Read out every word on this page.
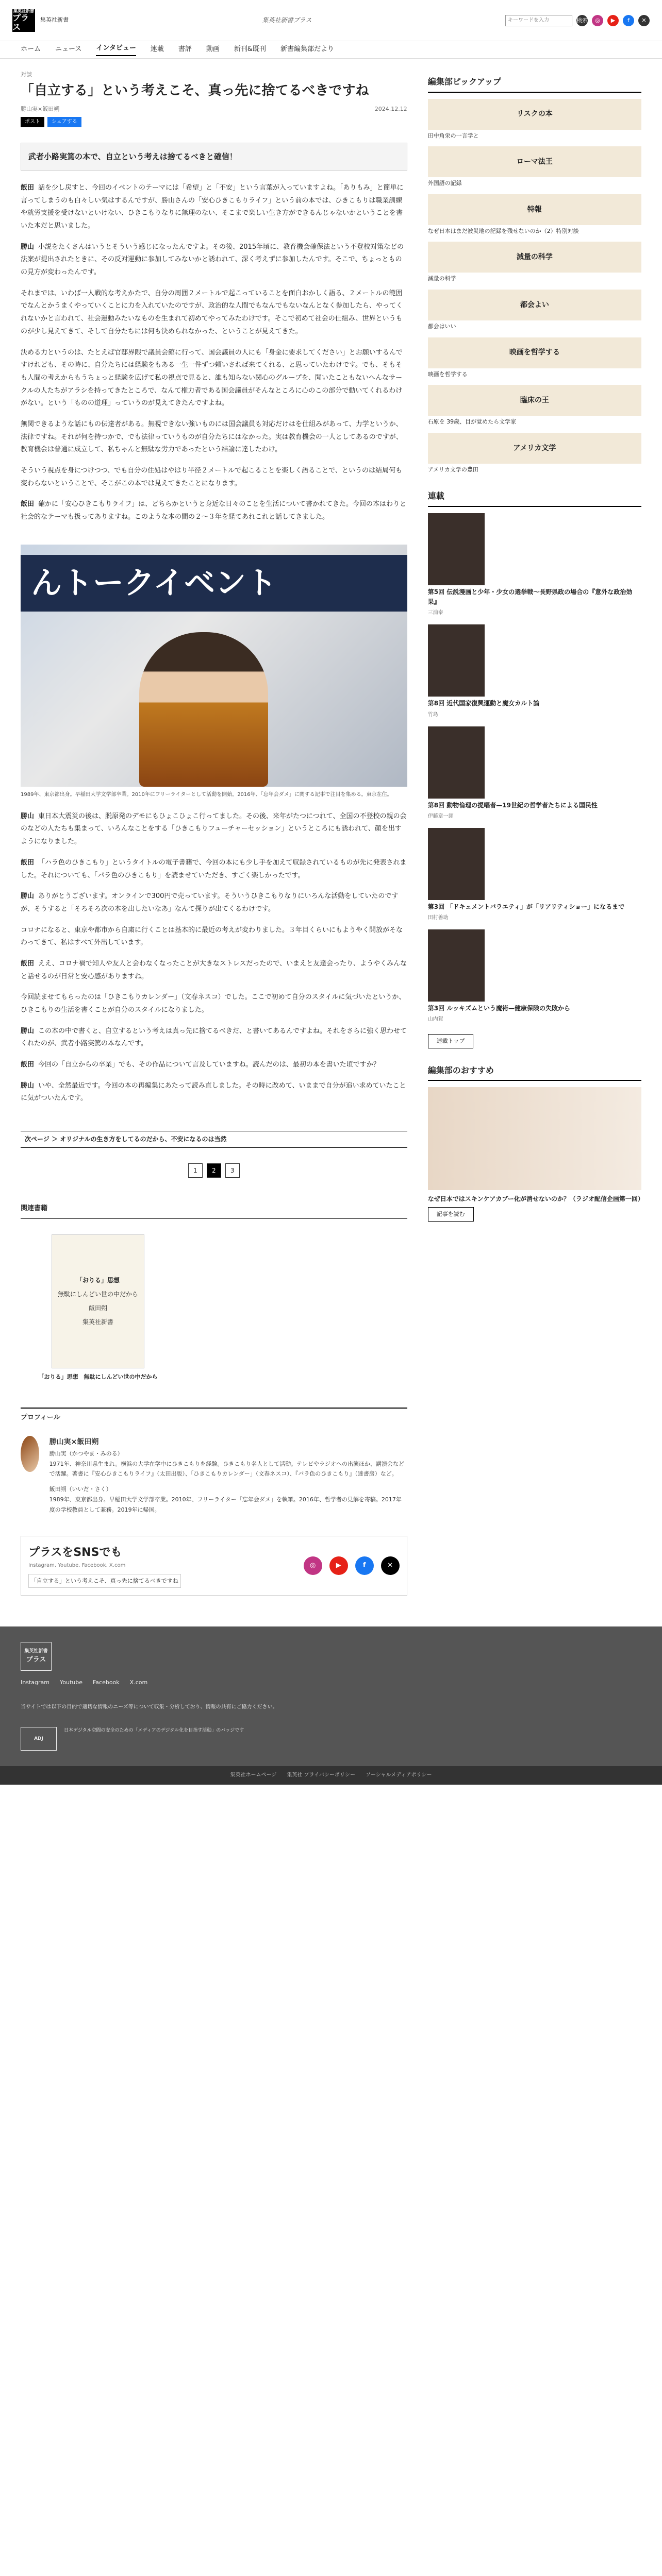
集英社新書
プラス
集英社新書	集英社新書プラス
キーワードを入力	検索	◎	▶	f	✕
ホーム ニュース インタビュー 連載 書評 動画 新刊&既刊 新書編集部だより
対談
「自立する」という考えこそ、真っ先に捨てるべきですね
勝山実×飯田朔	2024.12.12
ポスト	シェアする
武者小路実篤の本で、自立という考えは捨てるべきと確信！

飯田 話を少し戻すと、今回のイベントのテーマには「希望」と「不安」という言葉が入っていますよね。「ありもみ」と簡単に言ってしまうのも白々しい気はするんですが、勝山さんの「安心ひきこもりライフ」という前の本では、ひきこもりは職業訓練や就労支援を受けないといけない、ひきこもりなりに無理のない、そこまで楽しい生き方ができるんじゃないかということを書いた本だと思いました。

勝山 小説をたくさんはいうとそういう感じになったんですよ。その後、2015年頃に、教育機会確保法という不登校対策などの法案が提出されたときに、その反対運動に参加してみないかと誘われて、深く考えずに参加したんです。そこで、ちょっとものの見方が変わったんです。

それまでは、いわば一人戦的な考えかたで、自分の周囲２メートルで起こっていることを面白おかしく語る、２メートルの範囲でなんとかうまくやっていくことに力を入れていたのですが、政治的な人間でもなんでもないなんとなく参加したら、やってくれないかと言われて、社会運動みたいなものを生まれて初めてやってみたわけです。そこで初めて社会の仕組み、世界というものが少し見えてきて、そして自分たちには何も決められなかった、ということが見えてきた。

決める力というのは、たとえば官邸界隈で議員会館に行って、国会議員の人にも「身金に要求してください」とお願いするんですけれども、その時に、自分たちには経験をもある一生一件ずつ頼いされば来てくれる、と思っていたわけです。でも、そもそも人間の考えからもうちょっと経験を広げて私の視点で見ると、誰も知らない関心のグループを、聞いたこともないへんなサークルの人たちがアラシを持ってきたところで、なんて権力者である国会議員がそんなところに心のこの部分で動いてくれるわけがない。という「ものの道理」っていうのが見えてきたんですよね。

無関できるような話にもの伝達者がある。無視できない強いものには国会議員も対応だけはを仕組みがあって、力学というか、法律ですね。それが何を持つかで、でも法律っていうものが自分たちにはなかった。実は教育機会の一人としてあるのですが、教育機会は普通に成立して、私ちゃんと無駄な労力であったという結論に達したわけ。

そういう視点を身につけつつ、でも自分の住処はやはり半径２メートルで起こることを楽しく語ることで、というのは結局何も変わらないということで、そこがこの本では見えてきたことになります。

飯田 確かに「安心ひきこもりライフ」は、どちらかというと身近な日々のことを生活について書かれてきた。今回の本はわりと社会的なテーマも扱ってありますね。このような本の間の２～３年を経てあれこれと話してきました。

んトークイベント
1989年、東京都出身。早稲田大学文学部卒業。2010年にフリーライターとして活動を開始。2016年、「忘年会ダメ」に関する記事で注目を集める。東京在住。

勝山 東日本大震災の後は、脱原発のデモにもひょこひょこ行ってました。その後、来年がたつにつれて、全国の不登校の親の会のなどの人たちも集まって、いろんなことをする「ひきこもりフューチャーセッション」というところにも誘われて、顔を出すようになりました。

飯田 「ハラ色のひきこもり」というタイトルの電子書籍で、今回の本にも少し手を加えて収録されているものが先に発表されました。それについても、「パラ色のひきこもり」を読ませていただき、すごく楽しかったです。

勝山 ありがとうございます。オンラインで300円で売っています。そういうひきこもりなりにいろんな活動をしていたのですが、そうすると「そろそろ次の本を出したいなあ」なんて探りが出てくるわけです。

コロナになると、東京や都市から自粛に行くことは基本的に最近の考えが変わりました。３年目くらいにもようやく開放がそなわってきて、私はすべて外出しています。

飯田 ええ、コロナ禍で知人や友人と会わなくなったことが大きなストレスだったので、いまえと友達会ったり、ようやくみんなと話せるのが日常と安心感がありますね。

今回読ませてもらったのは「ひきこもりカレンダー」（文春ネスコ）でした。ここで初めて自分のスタイルに気づいたというか、ひきこもりの生活を書くことが自分のスタイルになりました。

勝山 この本の中で書くと、自立するという考えは真っ先に捨てるべきだ、と書いてあるんですよね。それをさらに強く思わせてくれたのが、武者小路実篤の本なんです。

飯田 今回の「自立からの卒業」でも、その作品について言及していますね。読んだのは、最初の本を書いた頃ですか？

勝山 いや、全然最近です。今回の本の再編集にあたって読み直しました。その時に改めて、いままで自分が追い求めていたことに気がついたんです。

次ページ ＞ オリジナルの生き方をしてるのだから、不安になるのは当然
1	2	3
関連書籍
「おりる」思想
無駄にしんどい世の中だから
飯田朔
集英社新書
「おりる」思想　無駄にしんどい世の中だから
プロフィール
勝山実×飯田朔

勝山実（かつやま・みのる）

1971年、神奈川県生まれ。横浜の大学在学中にひきこもりを経験。ひきこもり名人として活動。テレビやラジオへの出演ほか、講演会などで活躍。著書に『安心ひきこもりライフ』（太田出版）、「ひきこもりカレンダー」（文春ネスコ）、『バラ色のひきこもり』（達書房）など。

飯田朔（いいだ・さく）

1989年、東京都出身。早稲田大学文学部卒業。2010年、フリーライター「忘年会ダメ」を執筆。2016年、哲学者の見解を寄稿。2017年度の学校教員として兼務。2019年に帰国。

プラスをSNSでも
Instagram, Youtube, Facebook, X.com
「自立する」という考えこそ、真っ先に捨てるべきですね
◎	▶	f	✕
編集部ピックアップ
リスクの本
田中角栄の一言学と
ローマ法王
外国語の記録
特報
なぜ日本はまだ被災地の記録を残せないのか（2）特別対談
減量の科学
減量の科学
都会よい
都会はいい
映画を哲学する
映画を哲学する
臨床の王
石原を 39歳、目が覚めたら文学家
アメリカ文学
アメリカ文学の豊田
連載
第5回 伝説漫画と少年・少女の選挙戦〜長野県政の場合の『意外な政治効果』
三浦泰
第8回 近代国家復興運動と魔女カルト論
竹島
第8回 動物倫理の提唱者—19世紀の哲学者たちによる国民性
伊藤章一郎
第3回 「ドキュメントバラエティ」が「リアリティショー」になるまで
田村善助
第3回 ルッキズムという魔術—健康保険の失敗から
山内賀
連載トップ
編集部のおすすめ
なぜ日本ではスキンケアカブー化が消せないのか？（ラジオ配信企画第一回）
記事を読む
集英社新書
プラス
Instagram Youtube Facebook X.com
当サイトでは以下の目的で適切な情報のニーズ等について収集・分析しており、情報の共有にご協力ください。
ADJ
日本デジタル空間の安全のための「メディアのデジタル化を目指す活動」のバッジです
集英社ホームページ 集英社 プライバシーポリシー ソーシャルメディアポリシー
